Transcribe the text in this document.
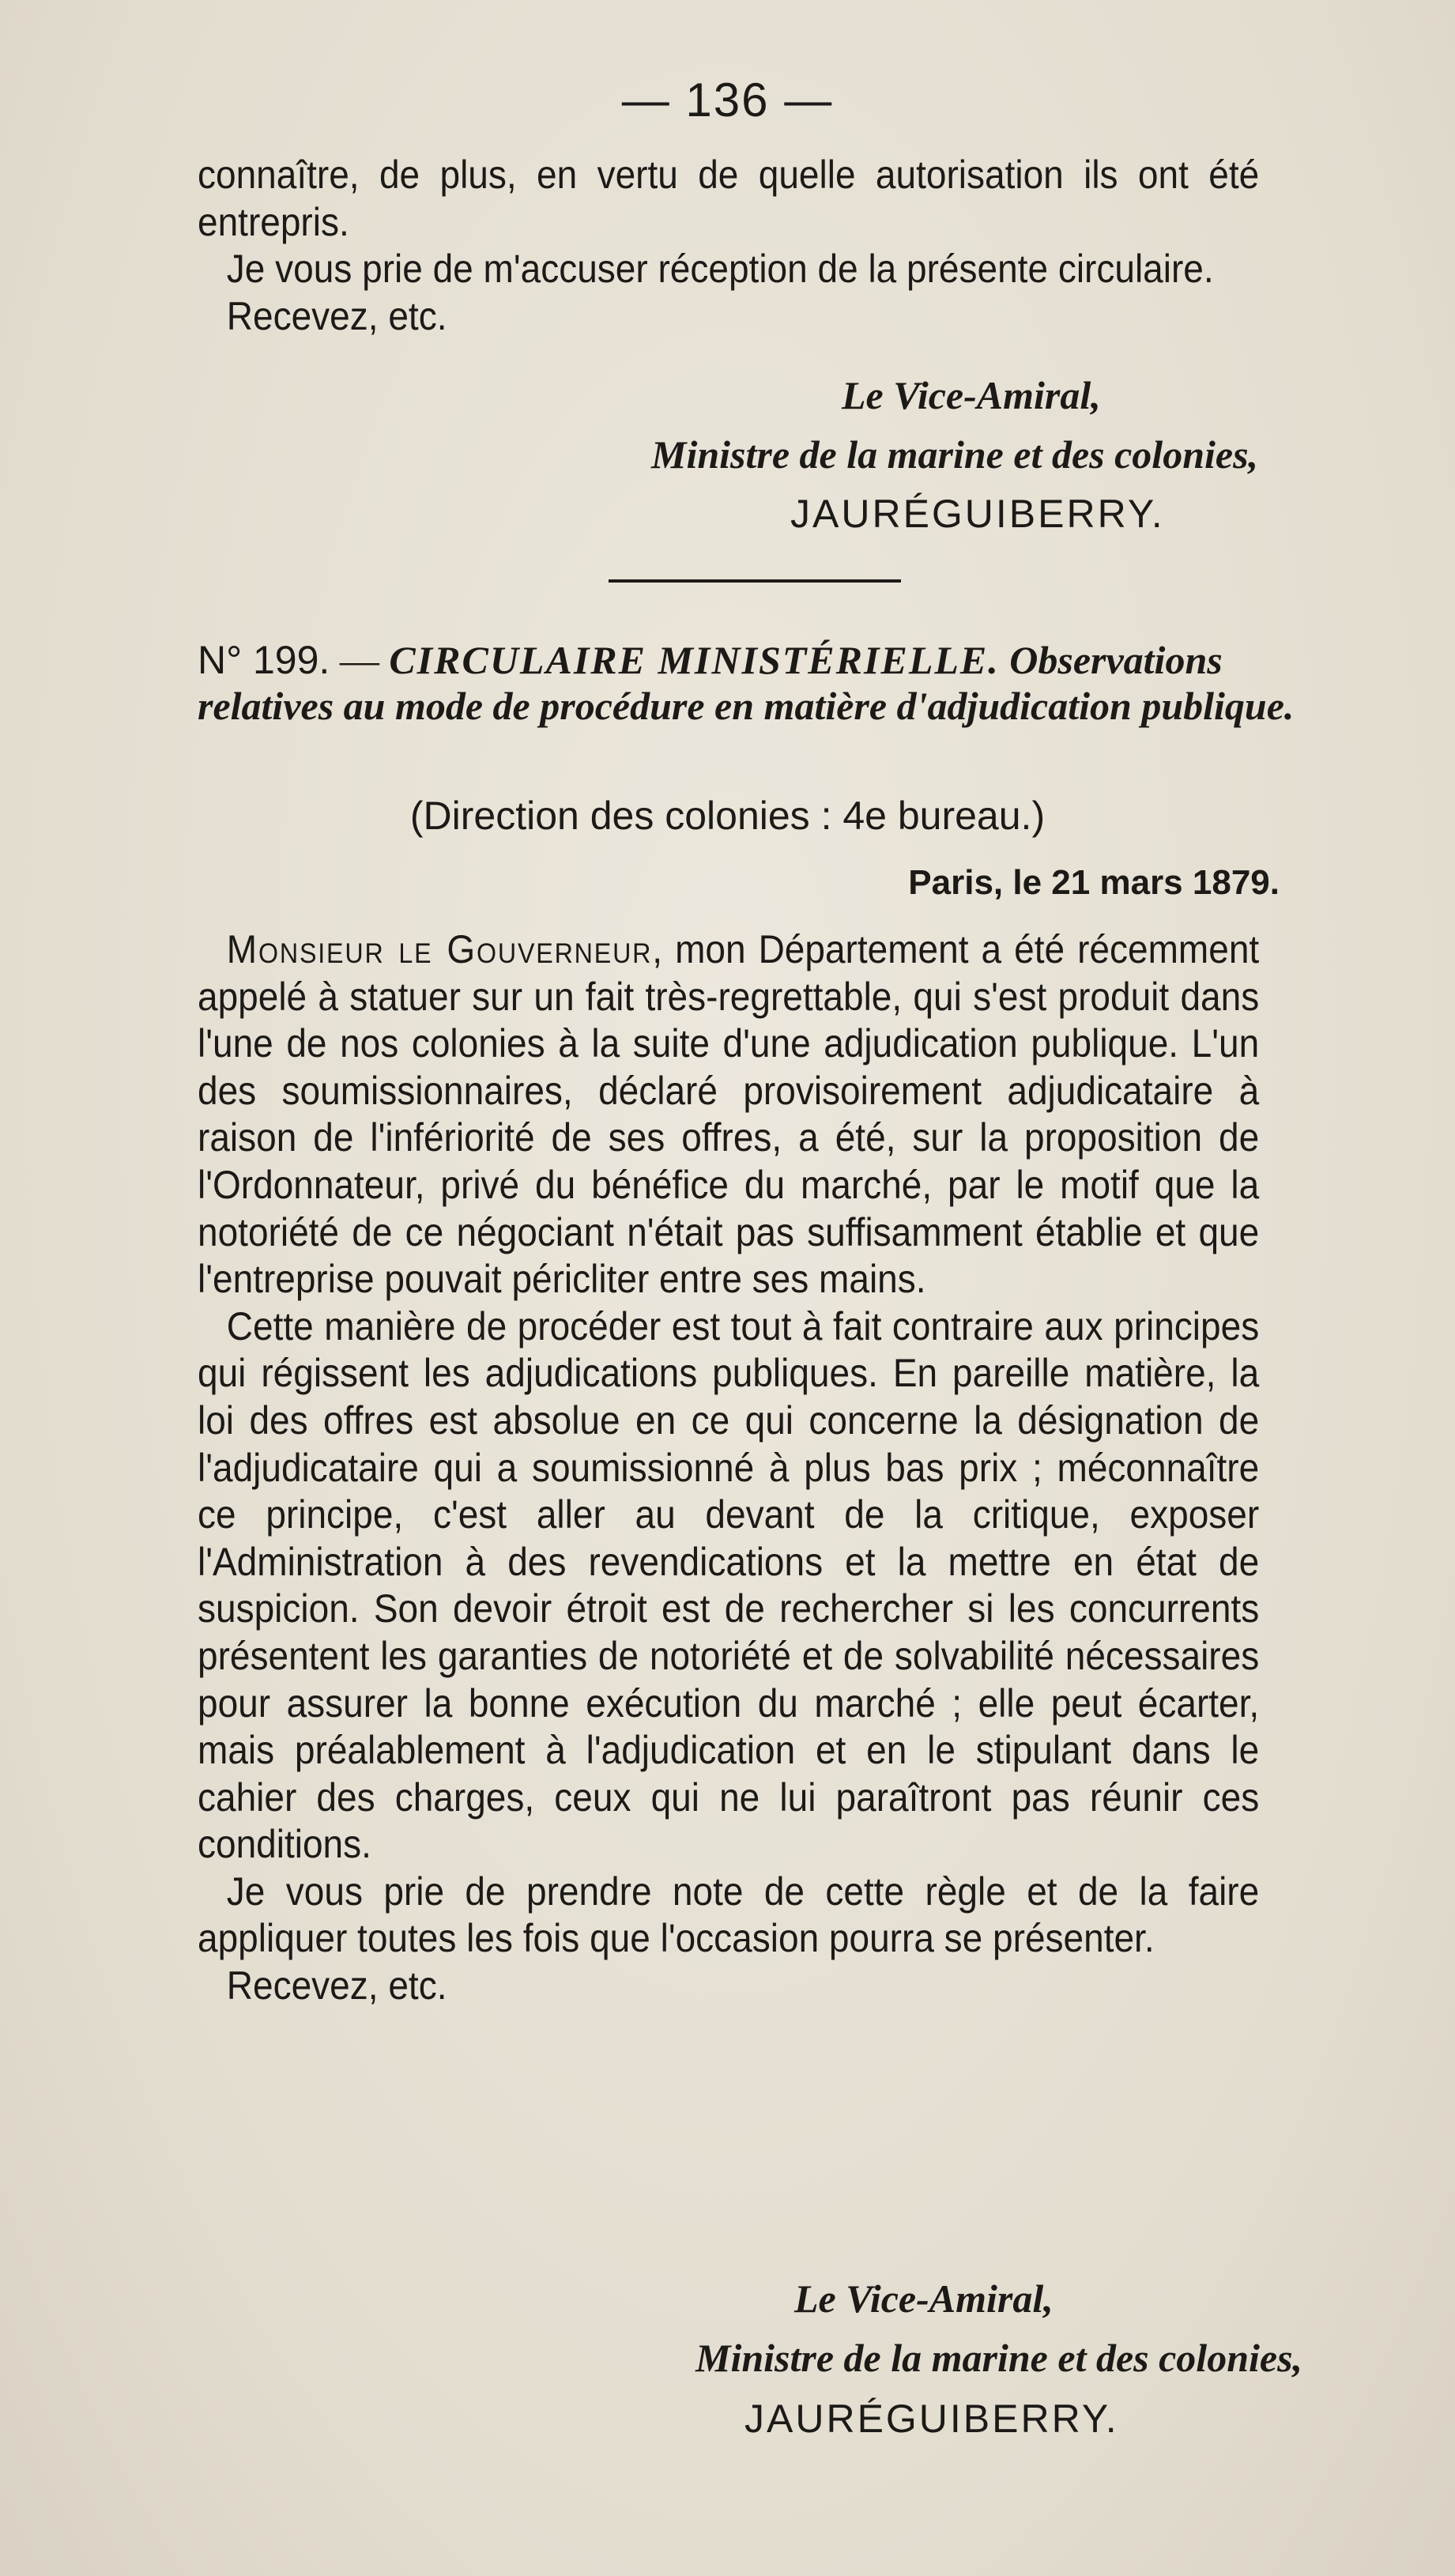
— 136 —

connaître, de plus, en vertu de quelle autorisation ils ont été entrepris.

Je vous prie de m'accuser réception de la présente circulaire.

Recevez, etc.

Le Vice-Amiral,
Ministre de la marine et des colonies,
JAURÉGUIBERRY.
N° 199. — CIRCULAIRE MINISTÉRIELLE. Observations relatives au mode de procédure en matière d'adjudication publique.
(Direction des colonies : 4e bureau.)
Paris, le 21 mars 1879.

Monsieur le Gouverneur, mon Département a été récemment appelé à statuer sur un fait très-regrettable, qui s'est produit dans l'une de nos colonies à la suite d'une adjudication publique. L'un des soumissionnaires, déclaré provisoirement adjudicataire à raison de l'infériorité de ses offres, a été, sur la proposition de l'Ordonnateur, privé du bénéfice du marché, par le motif que la notoriété de ce négociant n'était pas suffisamment établie et que l'entreprise pouvait péricliter entre ses mains.

Cette manière de procéder est tout à fait contraire aux principes qui régissent les adjudications publiques. En pareille matière, la loi des offres est absolue en ce qui concerne la désignation de l'adjudicataire qui a soumissionné à plus bas prix ; méconnaître ce principe, c'est aller au devant de la critique, exposer l'Administration à des revendications et la mettre en état de suspicion. Son devoir étroit est de rechercher si les concurrents présentent les garanties de notoriété et de solvabilité nécessaires pour assurer la bonne exécution du marché ; elle peut écarter, mais préalablement à l'adjudication et en le stipulant dans le cahier des charges, ceux qui ne lui paraîtront pas réunir ces conditions.

Je vous prie de prendre note de cette règle et de la faire appliquer toutes les fois que l'occasion pourra se présenter.

Recevez, etc.

Le Vice-Amiral,
Ministre de la marine et des colonies,
JAURÉGUIBERRY.
